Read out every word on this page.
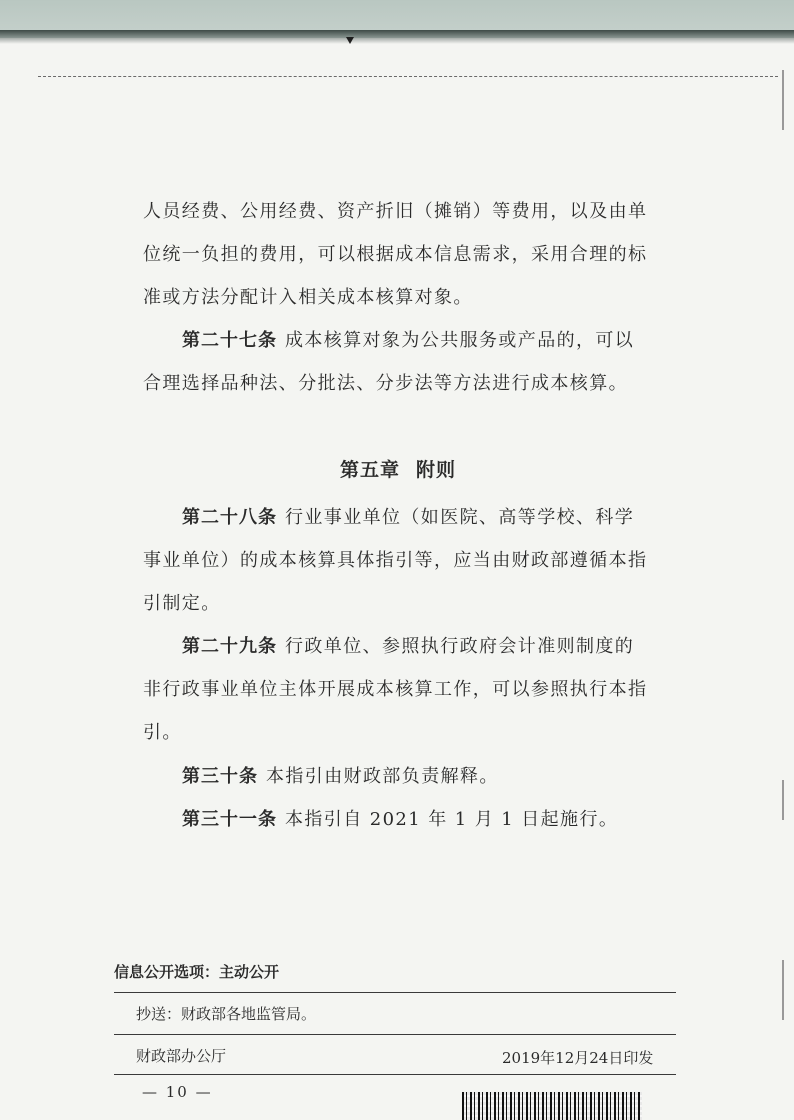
人员经费、公用经费、资产折旧（摊销）等费用，以及由单
位统一负担的费用，可以根据成本信息需求，采用合理的标
准或方法分配计入相关成本核算对象。
第二十七条 成本核算对象为公共服务或产品的，可以
合理选择品种法、分批法、分步法等方法进行成本核算。
第五章 附则
第二十八条 行业事业单位（如医院、高等学校、科学
事业单位）的成本核算具体指引等，应当由财政部遵循本指
引制定。
第二十九条 行政单位、参照执行政府会计准则制度的
非行政事业单位主体开展成本核算工作，可以参照执行本指
引。
第三十条 本指引由财政部负责解释。
第三十一条 本指引自 2021 年 1 月 1 日起施行。
信息公开选项：主动公开
抄送：财政部各地监管局。
财政部办公厅	2019年12月24日印发
— 10 —
